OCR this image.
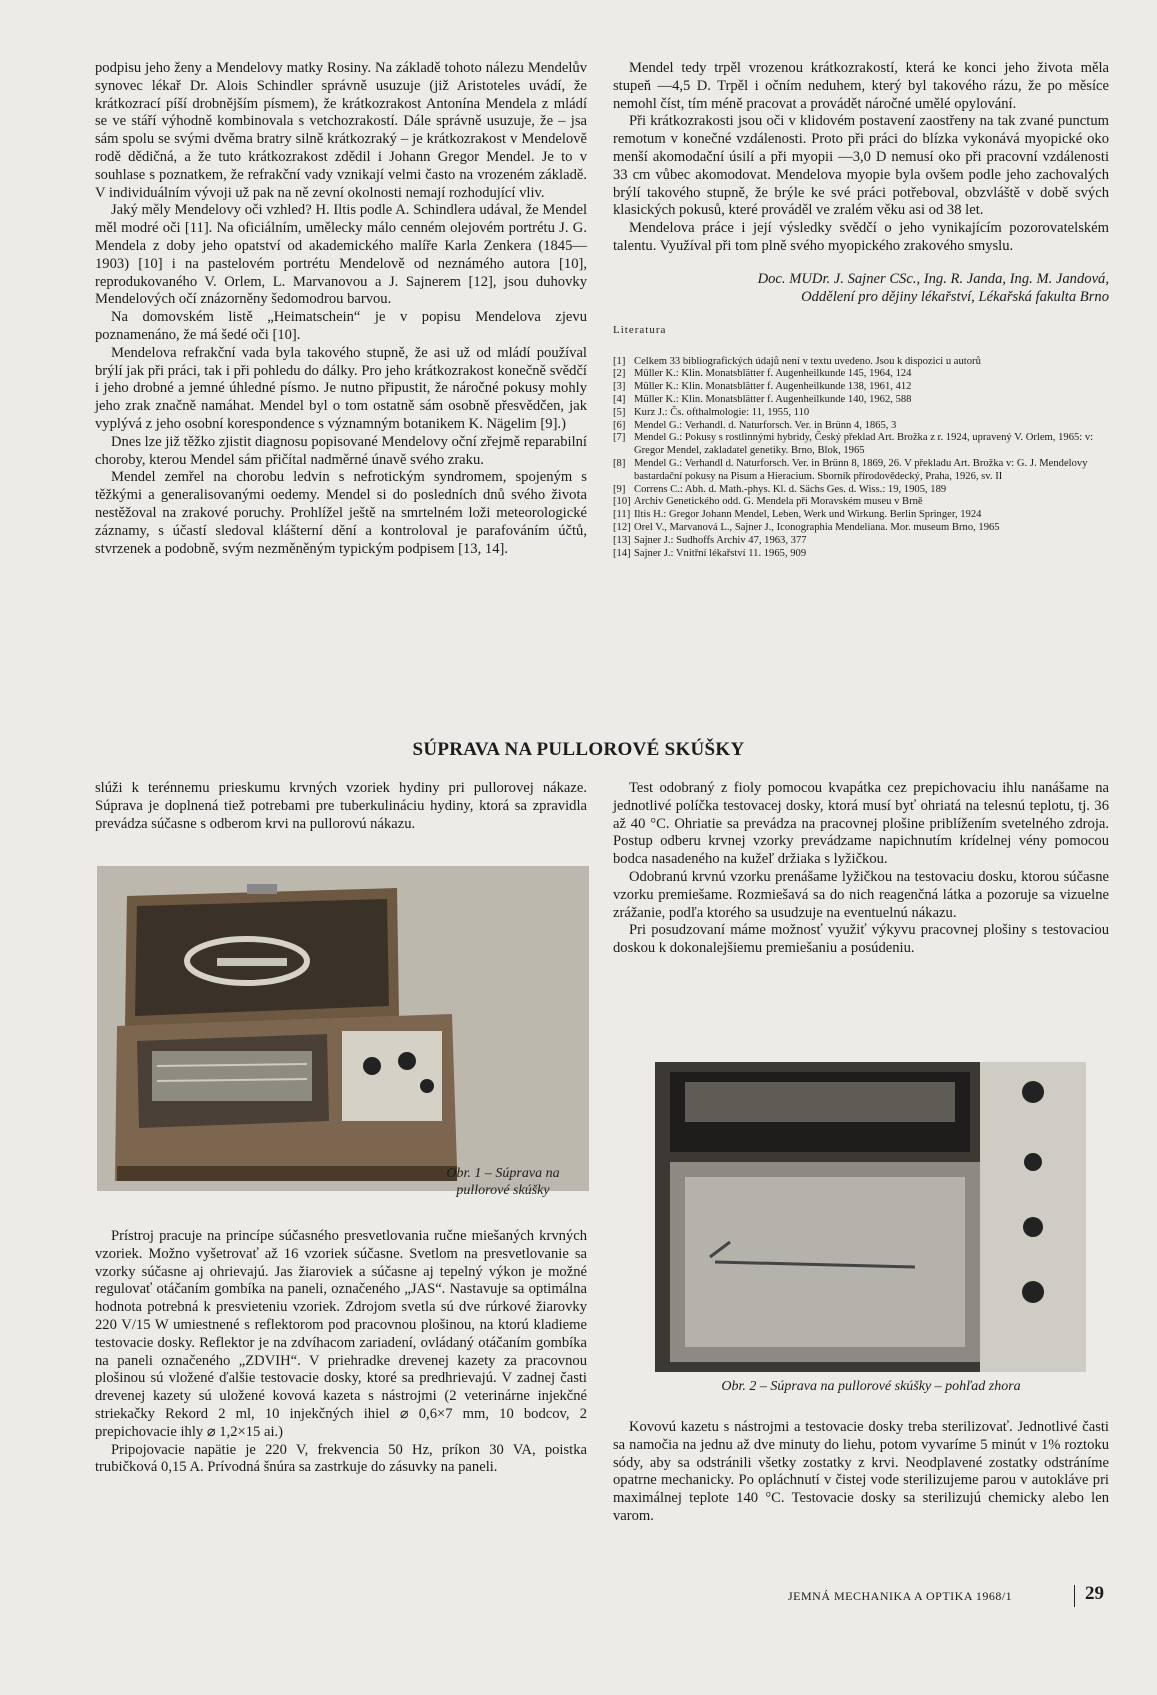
podpisu jeho ženy a Mendelovy matky Rosiny. Na základě tohoto nálezu Mendelův synovec lékař Dr. Alois Schindler správně usuzuje (již Aristoteles uvádí, že krátkozrací píší drobnějším písmem), že krátkozrakost Antonína Mendela z mládí se ve stáří výhodně kombinovala s vetchozrakostí. Dále správně usuzuje, že – jsa sám spolu se svými dvěma bratry silně krátkozraký – je krátkozrakost v Mendelově rodě dědičná, a že tuto krátkozrakost zdědil i Johann Gregor Mendel. Je to v souhlase s poznatkem, že refrakční vady vznikají velmi často na vrozeném základě. V individuálním vývoji už pak na ně zevní okolnosti nemají rozhodující vliv.

Jaký měly Mendelovy oči vzhled? H. Iltis podle A. Schindlera udával, že Mendel měl modré oči [11]. Na oficiálním, umělecky málo cenném olejovém portrétu J. G. Mendela z doby jeho opatství od akademického malíře Karla Zenkera (1845—1903) [10] i na pastelovém portrétu Mendelově od neznámého autora [10], reprodukovaného V. Orlem, L. Marvanovou a J. Sajnerem [12], jsou duhovky Mendelových očí znázorněny šedomodrou barvou.

Na domovském listě „Heimatschein“ je v popisu Mendelova zjevu poznamenáno, že má šedé oči [10].

Mendelova refrakční vada byla takového stupně, že asi už od mládí používal brýlí jak při práci, tak i při pohledu do dálky. Pro jeho krátkozrakost konečně svědčí i jeho drobné a jemné úhledné písmo. Je nutno připustit, že náročné pokusy mohly jeho zrak značně namáhat. Mendel byl o tom ostatně sám osobně přesvědčen, jak vyplývá z jeho osobní korespondence s významným botanikem K. Nägelim [9].)

Dnes lze již těžko zjistit diagnosu popisované Mendelovy oční zřejmě reparabilní choroby, kterou Mendel sám přičítal nadměrné únavě svého zraku.

Mendel zemřel na chorobu ledvin s nefrotickým syndromem, spojeným s těžkými a generalisovanými oedemy. Mendel si do posledních dnů svého života nestěžoval na zrakové poruchy. Prohlížel ještě na smrtelném loži meteorologické záznamy, s účastí sledoval klášterní dění a kontroloval je parafováním účtů, stvrzenek a podobně, svým nezměněným typickým podpisem [13, 14].

Mendel tedy trpěl vrozenou krátkozrakostí, která ke konci jeho života měla stupeň —4,5 D. Trpěl i očním neduhem, který byl takového rázu, že po měsíce nemohl číst, tím méně pracovat a provádět náročné umělé opylování.

Při krátkozrakosti jsou oči v klidovém postavení zaostřeny na tak zvané punctum remotum v konečné vzdálenosti. Proto při práci do blízka vykonává myopické oko menší akomodační úsilí a při myopii —3,0 D nemusí oko při pracovní vzdálenosti 33 cm vůbec akomodovat. Mendelova myopie byla ovšem podle jeho zachovalých brýlí takového stupně, že brýle ke své práci potřeboval, obzvláště v době svých klasických pokusů, které prováděl ve zralém věku asi od 38 let.

Mendelova práce i její výsledky svědčí o jeho vynikajícím pozorovatelském talentu. Využíval při tom plně svého myopického zrakového smyslu.

Doc. MUDr. J. Sajner CSc., Ing. R. Janda, Ing. M. Jandová,
Oddělení pro dějiny lékařství, Lékařská fakulta Brno
Literatura
[1] Celkem 33 bibliografických údajů není v textu uvedeno. Jsou k dispozici u autorů
[2] Müller K.: Klin. Monatsblätter f. Augenheilkunde 145, 1964, 124
[3] Müller K.: Klin. Monatsblätter f. Augenheilkunde 138, 1961, 412
[4] Müller K.: Klin. Monatsblätter f. Augenheilkunde 140, 1962, 588
[5] Kurz J.: Čs. ofthalmologie: 11, 1955, 110
[6] Mendel G.: Verhandl. d. Naturforsch. Ver. in Brünn 4, 1865, 3
[7] Mendel G.: Pokusy s rostlinnými hybridy, Český překlad Art. Brožka z r. 1924, upravený V. Orlem, 1965: v: Gregor Mendel, zakladatel genetiky. Brno, Blok, 1965
[8] Mendel G.: Verhandl d. Naturforsch. Ver. in Brünn 8, 1869, 26. V překladu Art. Brožka v: G. J. Mendelovy bastardační pokusy na Pisum a Hieracium. Sborník přírodovědecký, Praha, 1926, sv. II
[9] Correns C.: Abh. d. Math.-phys. Kl. d. Sächs Ges. d. Wiss.: 19, 1905, 189
[10] Archiv Genetického odd. G. Mendela při Moravském museu v Brně
[11] Iltis H.: Gregor Johann Mendel, Leben, Werk und Wirkung. Berlin Springer, 1924
[12] Orel V., Marvanová L., Sajner J., Iconographia Mendeliana. Mor. museum Brno, 1965
[13] Sajner J.: Sudhoffs Archiv 47, 1963, 377
[14] Sajner J.: Vnitřní lékařství 11. 1965, 909
SÚPRAVA NA PULLOROVÉ SKÚŠKY

slúži k terénnemu prieskumu krvných vzoriek hydiny pri pullorovej nákaze. Súprava je doplnená tiež potrebami pre tuberkulináciu hydiny, ktorá sa zpravidla prevádza súčasne s odberom krvi na pullorovú nákazu.

Obr. 1 – Súprava na
pullorové skúšky

Prístroj pracuje na princípe súčasného presvetlovania ručne miešaných krvných vzoriek. Možno vyšetrovať až 16 vzoriek súčasne. Svetlom na presvetlovanie sa vzorky súčasne aj ohrievajú. Jas žiaroviek a súčasne aj tepelný výkon je možné regulovať otáčaním gombíka na paneli, označeného „JAS“. Nastavuje sa optimálna hodnota potrebná k presvieteniu vzoriek. Zdrojom svetla sú dve rúrkové žiarovky 220 V/15 W umiestnené s reflektorom pod pracovnou plošinou, na ktorú kladieme testovacie dosky. Reflektor je na zdvíhacom zariadení, ovládaný otáčaním gombíka na paneli označeného „ZDVIH“. V priehradke drevenej kazety za pracovnou plošinou sú vložené ďalšie testovacie dosky, ktoré sa predhrievajú. V zadnej časti drevenej kazety sú uložené kovová kazeta s nástrojmi (2 veterinárne injekčné striekačky Rekord 2 ml, 10 injekčných ihiel ⌀ 0,6×7 mm, 10 bodcov, 2 prepichovacie ihly ⌀ 1,2×15 ai.)

Pripojovacie napätie je 220 V, frekvencia 50 Hz, príkon 30 VA, poistka trubičková 0,15 A. Prívodná šnúra sa zastrkuje do zásuvky na paneli.

Test odobraný z fioly pomocou kvapátka cez prepichovaciu ihlu nanášame na jednotlivé políčka testovacej dosky, ktorá musí byť ohriatá na telesnú teplotu, tj. 36 až 40 °C. Ohriatie sa prevádza na pracovnej plošine priblížením svetelného zdroja. Postup odberu krvnej vzorky prevádzame napichnutím krídelnej vény pomocou bodca nasadeného na kužeľ držiaka s lyžičkou.

Odobranú krvnú vzorku prenášame lyžičkou na testovaciu dosku, ktorou súčasne vzorku premiešame. Rozmiešavá sa do nich reagenčná látka a pozoruje sa vizuelne zrážanie, podľa ktorého sa usudzuje na eventuelnú nákazu.

Pri posudzovaní máme možnosť využiť výkyvu pracovnej plošiny s testovaciou doskou k dokonalejšiemu premiešaniu a posúdeniu.

Obr. 2 – Súprava na pullorové skúšky – pohľad zhora

Kovovú kazetu s nástrojmi a testovacie dosky treba sterilizovať. Jednotlivé časti sa namočia na jednu až dve minuty do liehu, potom vyvaríme 5 minút v 1% roztoku sódy, aby sa odstránili všetky zostatky z krvi. Neodplavené zostatky odstráníme opatrne mechanicky. Po opláchnutí v čistej vode sterilizujeme parou v autokláve pri maximálnej teplote 140 °C. Testovacie dosky sa sterilizujú chemicky alebo len varom.

JEMNÁ MECHANIKA A OPTIKA 1968/1	29
